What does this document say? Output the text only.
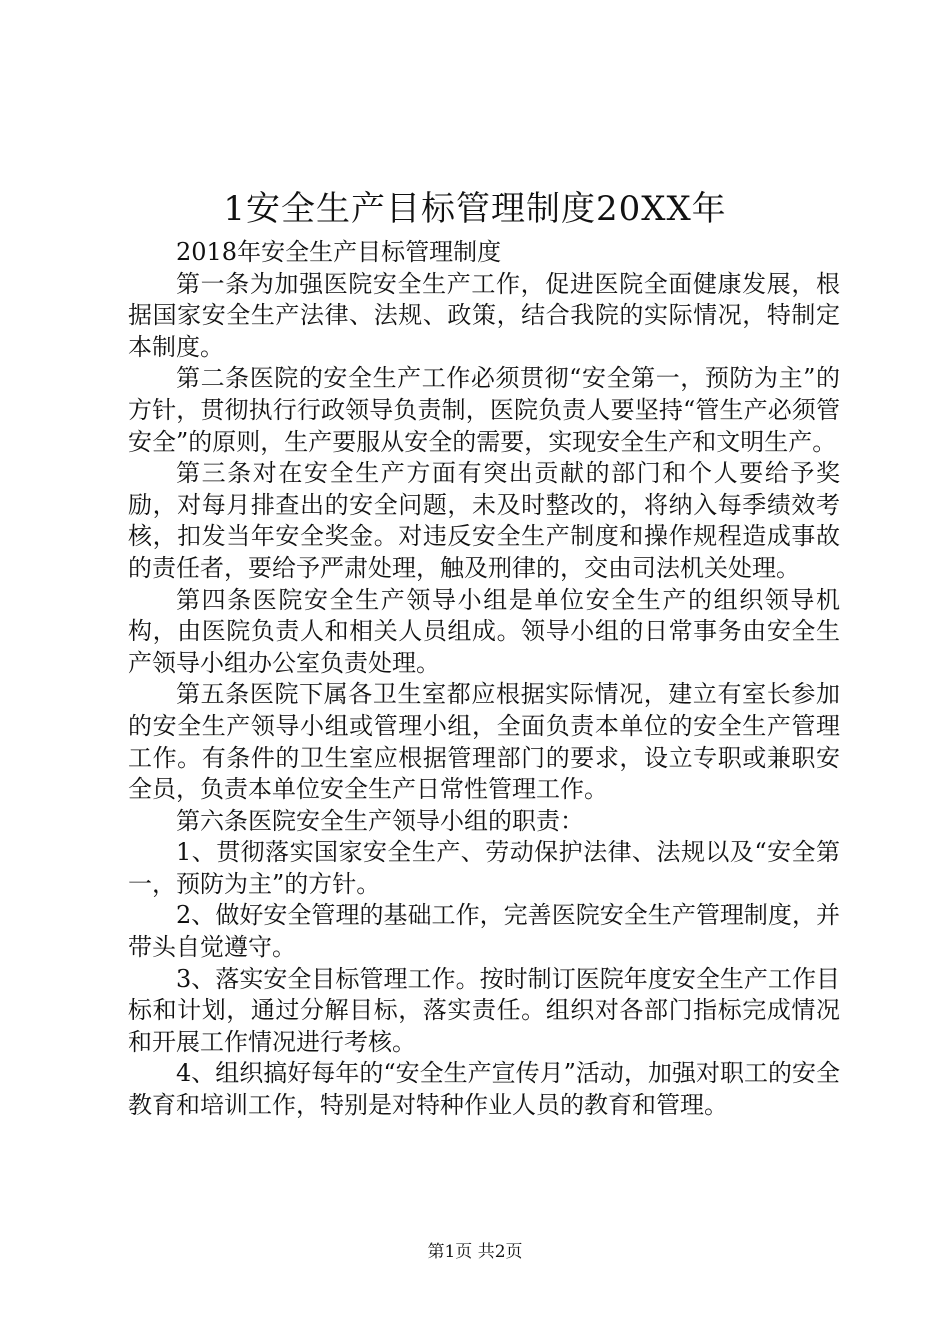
1安全生产目标管理制度20XX年

2018年安全生产目标管理制度

第一条为加强医院安全生产工作，促进医院全面健康发展，根据国家安全生产法律、法规、政策，结合我院的实际情况，特制定本制度。

第二条医院的安全生产工作必须贯彻“安全第一，预防为主”的方针，贯彻执行行政领导负责制，医院负责人要坚持“管生产必须管安全”的原则，生产要服从安全的需要，实现安全生产和文明生产。

第三条对在安全生产方面有突出贡献的部门和个人要给予奖励，对每月排查出的安全问题，未及时整改的，将纳入每季绩效考核，扣发当年安全奖金。对违反安全生产制度和操作规程造成事故的责任者，要给予严肃处理，触及刑律的，交由司法机关处理。

第四条医院安全生产领导小组是单位安全生产的组织领导机构，由医院负责人和相关人员组成。领导小组的日常事务由安全生产领导小组办公室负责处理。

第五条医院下属各卫生室都应根据实际情况，建立有室长参加的安全生产领导小组或管理小组，全面负责本单位的安全生产管理工作。有条件的卫生室应根据管理部门的要求，设立专职或兼职安全员，负责本单位安全生产日常性管理工作。

第六条医院安全生产领导小组的职责：

1、贯彻落实国家安全生产、劳动保护法律、法规以及“安全第一，预防为主”的方针。

2、做好安全管理的基础工作，完善医院安全生产管理制度，并带头自觉遵守。

3、落实安全目标管理工作。按时制订医院年度安全生产工作目标和计划，通过分解目标，落实责任。组织对各部门指标完成情况和开展工作情况进行考核。

4、组织搞好每年的“安全生产宣传月”活动，加强对职工的安全教育和培训工作，特别是对特种作业人员的教育和管理。

第1页 共2页
